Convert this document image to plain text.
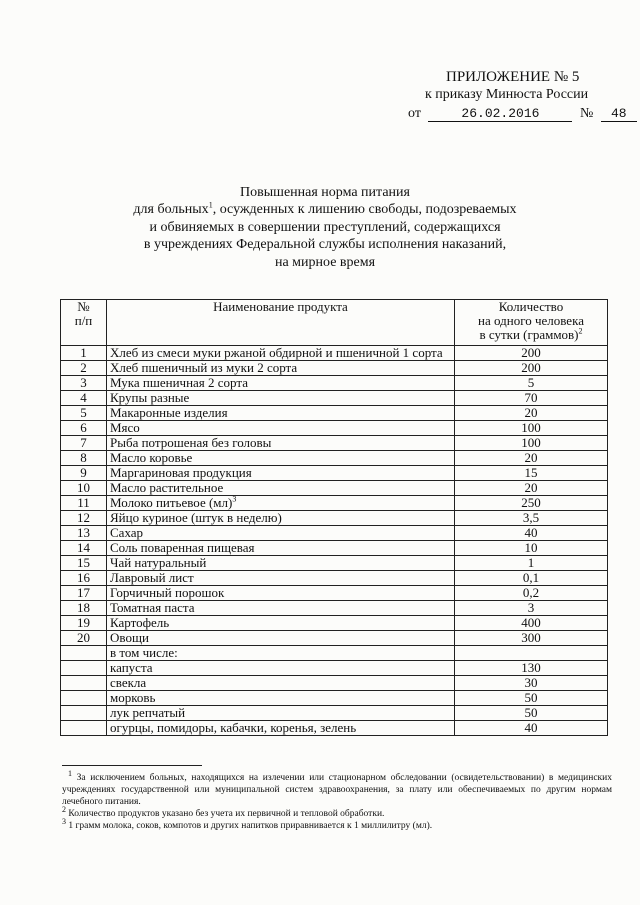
ПРИЛОЖЕНИЕ № 5
к приказу Минюста России
от	26.02.2016	№ 48
Повышенная норма питания
для больных$^1$, осужденных к лишению свободы, подозреваемых
и обвиняемых в совершении преступлений, содержащихся
в учреждениях Федеральной службы исполнения наказаний,
на мирное время
№
п/п	Наименование продукта	Количество
на одного человека
в сутки (граммов)$^2$
1	Хлеб из смеси муки ржаной обдирной и пшеничной 1 сорта	200
2	Хлеб пшеничный из муки 2 сорта	200
3	Мука пшеничная 2 сорта	5
4	Крупы разные	70
5	Макаронные изделия	20
6	Мясо	100
7	Рыба потрошеная без головы	100
8	Масло коровье	20
9	Маргариновая продукция	15
10	Масло растительное	20
11	Молоко питьевое (мл)$^3$	250
12	Яйцо куриное (штук в неделю)	3,5
13	Сахар	40
14	Соль поваренная пищевая	10
15	Чай натуральный	1
16	Лавровый лист	0,1
17	Горчичный порошок	0,2
18	Томатная паста	3
19	Картофель	400
20	Овощи	300
	в том числе:	
	капуста	130
	свекла	30
	морковь	50
	лук репчатый	50
	огурцы, помидоры, кабачки, коренья, зелень	40

$^1$ За исключением больных, находящихся на излечении или стационарном обследовании (освидетельствовании) в медицинских учреждениях государственной или муниципальной систем здравоохранения, за плату или обеспечиваемых по другим нормам лечебного питания.

$^2$ Количество продуктов указано без учета их первичной и тепловой обработки.

$^3$ 1 грамм молока, соков, компотов и других напитков приравнивается к 1 миллилитру (мл).
